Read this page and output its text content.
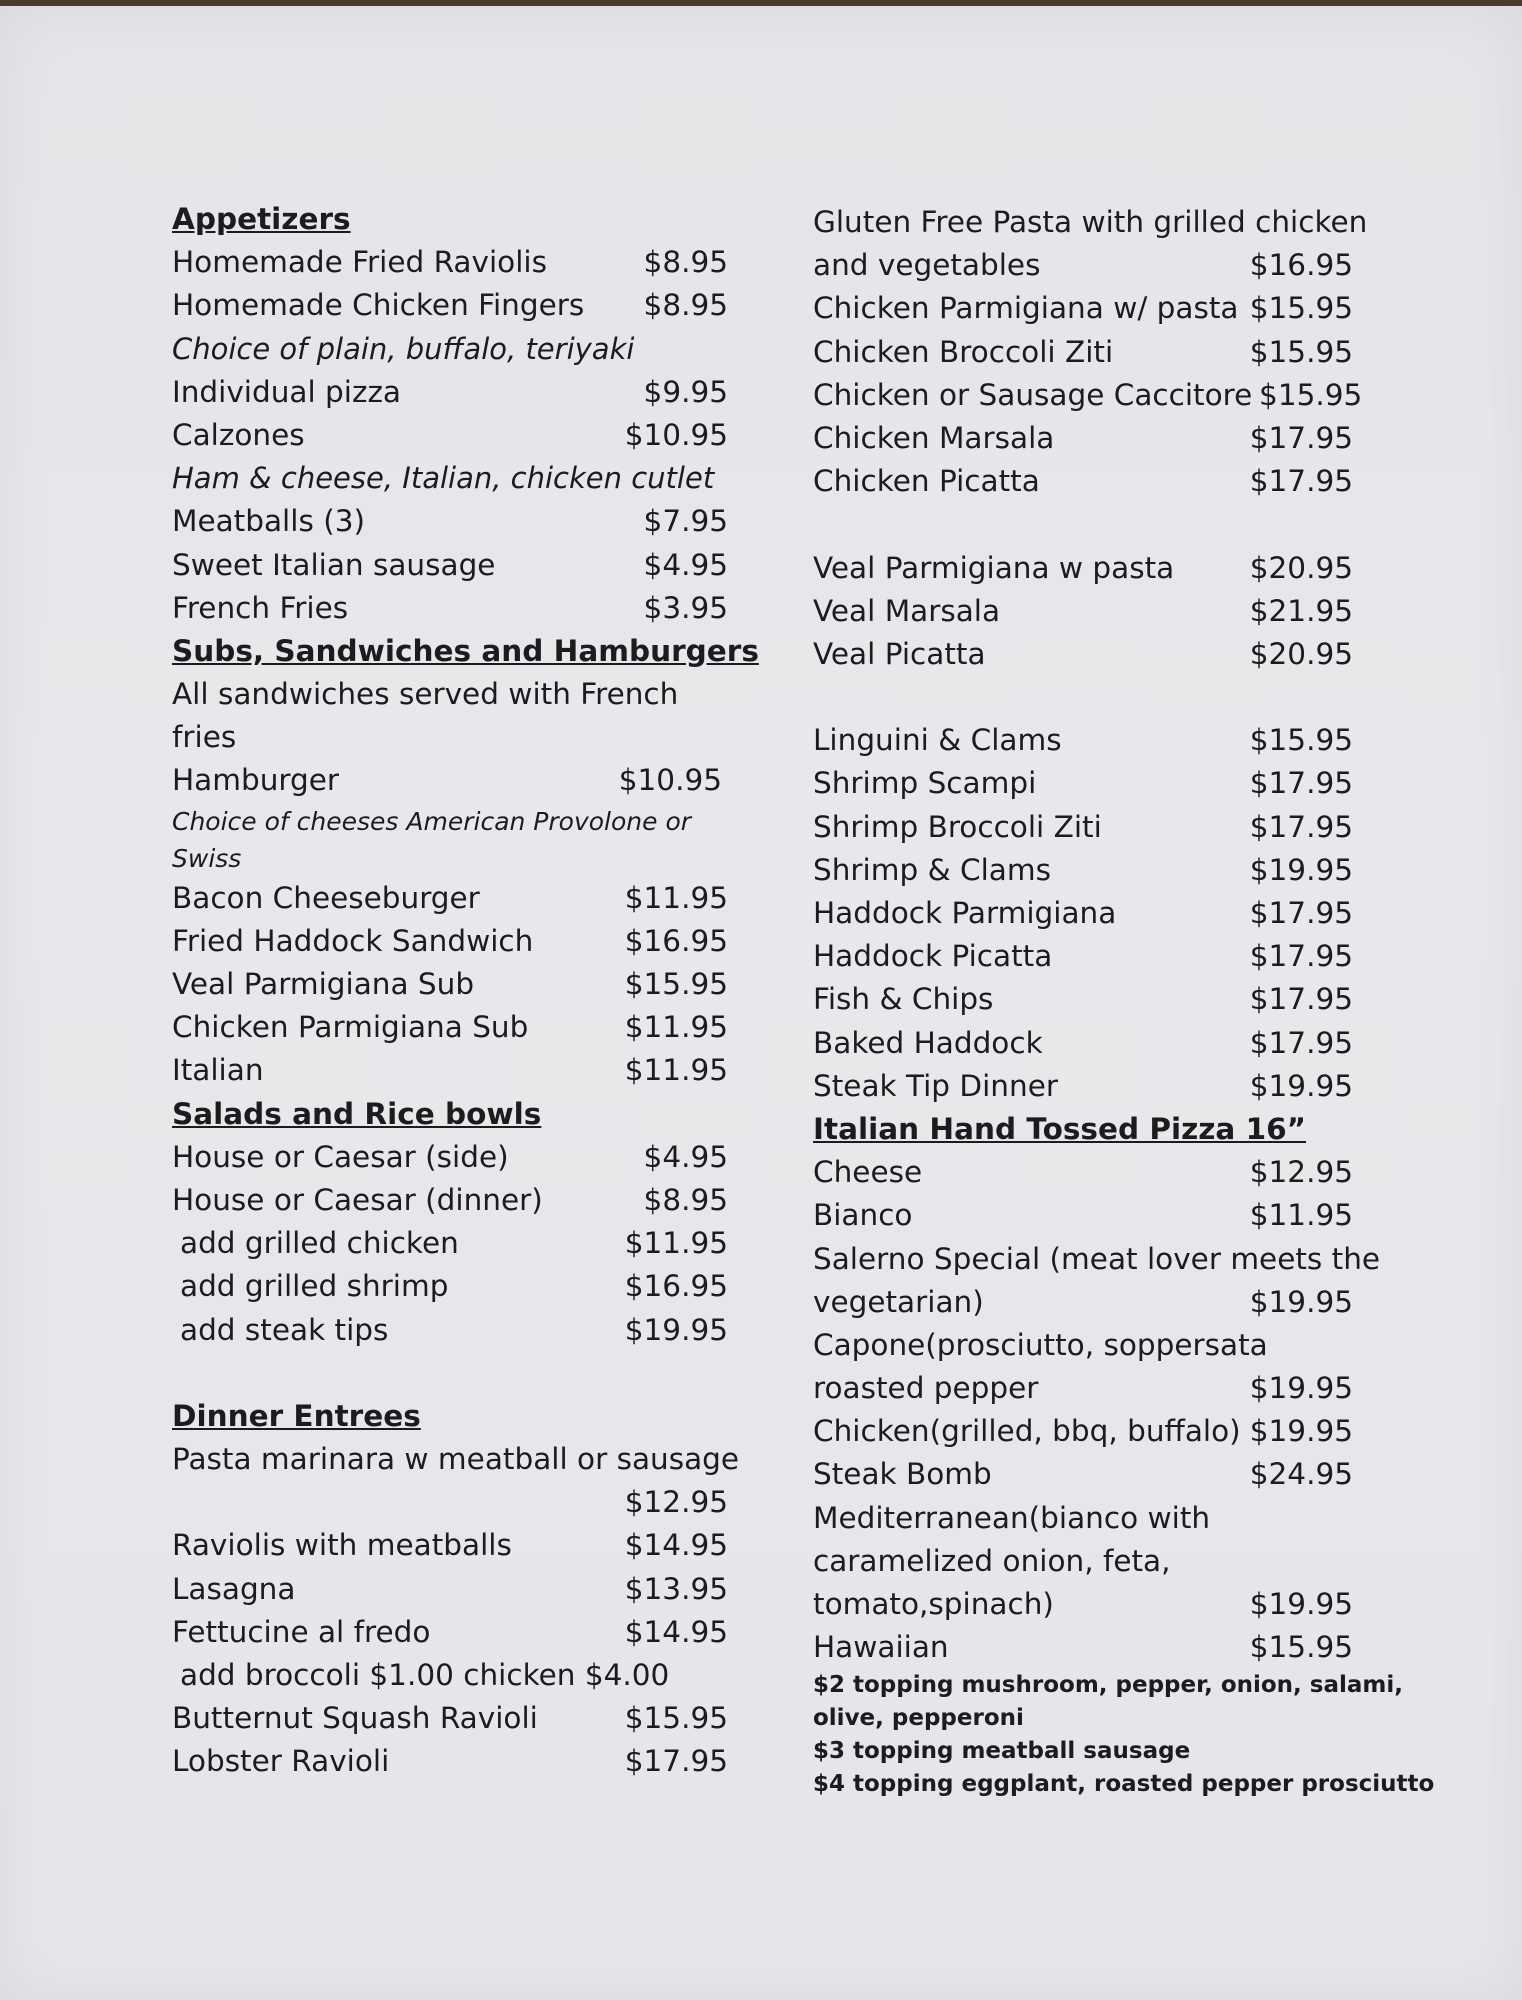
Appetizers
Homemade Fried Raviolis	$8.95
Homemade Chicken Fingers $8.95
Choice of plain, buffalo, teriyaki
Individual pizza	$9.95
Calzones	$10.95
Ham & cheese, Italian, chicken cutlet
Meatballs (3)	$7.95
Sweet Italian sausage	$4.95
French Fries	$3.95
Subs, Sandwiches and Hamburgers
All sandwiches served with French
fries
Hamburger	$10.95
Choice of cheeses American Provolone or
Swiss
Bacon Cheeseburger	$11.95
Fried Haddock Sandwich	$16.95
Veal Parmigiana Sub	$15.95
Chicken Parmigiana Sub	$11.95
Italian	$11.95
Salads and Rice bowls
House or Caesar (side)	$4.95
House or Caesar (dinner)	$8.95
add grilled chicken	$11.95
add grilled shrimp	$16.95
add steak tips	$19.95
Dinner Entrees
Pasta marinara w meatball or sausage
$12.95
Raviolis with meatballs	$14.95
Lasagna	$13.95
Fettucine al fredo	$14.95
add broccoli $1.00 chicken $4.00
Butternut Squash Ravioli	$15.95
Lobster Ravioli	$17.95
Gluten Free Pasta with grilled chicken
and vegetables	$16.95
Chicken Parmigiana w/ pasta $15.95
Chicken Broccoli Ziti	$15.95
Chicken or Sausage Caccitore $15.95
Chicken Marsala	$17.95
Chicken Picatta	$17.95
Veal Parmigiana w pasta	$20.95
Veal Marsala	$21.95
Veal Picatta	$20.95
Linguini & Clams	$15.95
Shrimp Scampi	$17.95
Shrimp Broccoli Ziti	$17.95
Shrimp & Clams	$19.95
Haddock Parmigiana	$17.95
Haddock Picatta	$17.95
Fish & Chips	$17.95
Baked Haddock	$17.95
Steak Tip Dinner	$19.95
Italian Hand Tossed Pizza 16”
Cheese	$12.95
Bianco	$11.95
Salerno Special (meat lover meets the
vegetarian)	$19.95
Capone(prosciutto, soppersata
roasted pepper	$19.95
Chicken(grilled, bbq, buffalo) $19.95
Steak Bomb	$24.95
Mediterranean(bianco with
caramelized onion, feta,
tomato,spinach)	$19.95
Hawaiian	$15.95
$2 topping mushroom, pepper, onion, salami,
olive, pepperoni
$3 topping meatball sausage
$4 topping eggplant, roasted pepper prosciutto
